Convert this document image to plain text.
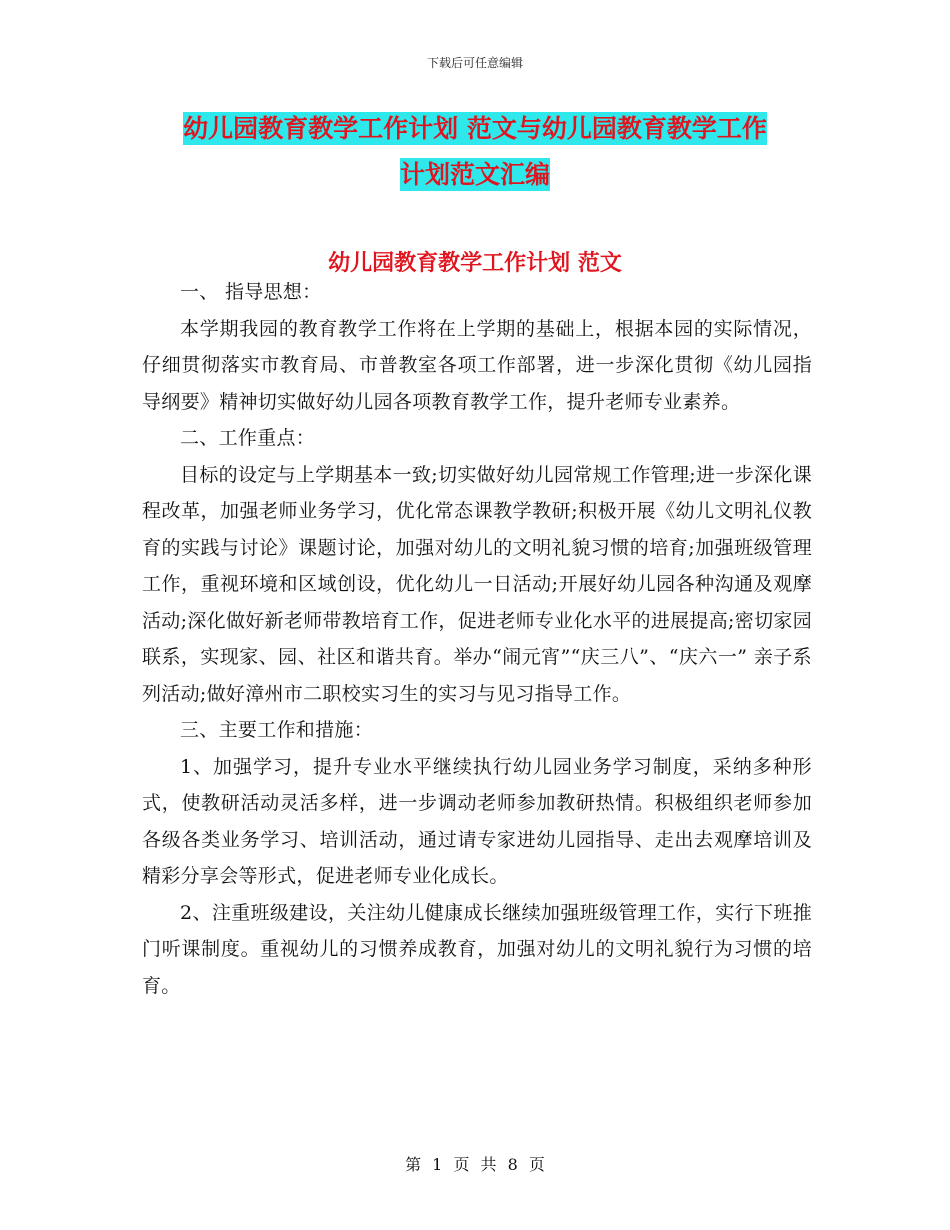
下载后可任意编辑
幼儿园教育教学工作计划 范文与幼儿园教育教学工作
计划范文汇编
幼儿园教育教学工作计划 范文

一、 指导思想：

本学期我园的教育教学工作将在上学期的基础上，根据本园的实际情况，仔细贯彻落实市教育局、市普教室各项工作部署，进一步深化贯彻《幼儿园指导纲要》精神切实做好幼儿园各项教育教学工作，提升老师专业素养。

二、工作重点：

目标的设定与上学期基本一致;切实做好幼儿园常规工作管理;进一步深化课程改革，加强老师业务学习，优化常态课教学教研;积极开展《幼儿文明礼仪教育的实践与讨论》课题讨论，加强对幼儿的文明礼貌习惯的培育;加强班级管理工作，重视环境和区域创设，优化幼儿一日活动;开展好幼儿园各种沟通及观摩活动;深化做好新老师带教培育工作，促进老师专业化水平的进展提高;密切家园联系，实现家、园、社区和谐共育。举办“闹元宵”“庆三八”、“庆六一” 亲子系列活动;做好漳州市二职校实习生的实习与见习指导工作。

三、主要工作和措施：

1、加强学习，提升专业水平继续执行幼儿园业务学习制度，采纳多种形式，使教研活动灵活多样，进一步调动老师参加教研热情。积极组织老师参加各级各类业务学习、培训活动，通过请专家进幼儿园指导、走出去观摩培训及精彩分享会等形式，促进老师专业化成长。

2、注重班级建设，关注幼儿健康成长继续加强班级管理工作，实行下班推门听课制度。重视幼儿的习惯养成教育，加强对幼儿的文明礼貌行为习惯的培育。

第 1 页 共 8 页
